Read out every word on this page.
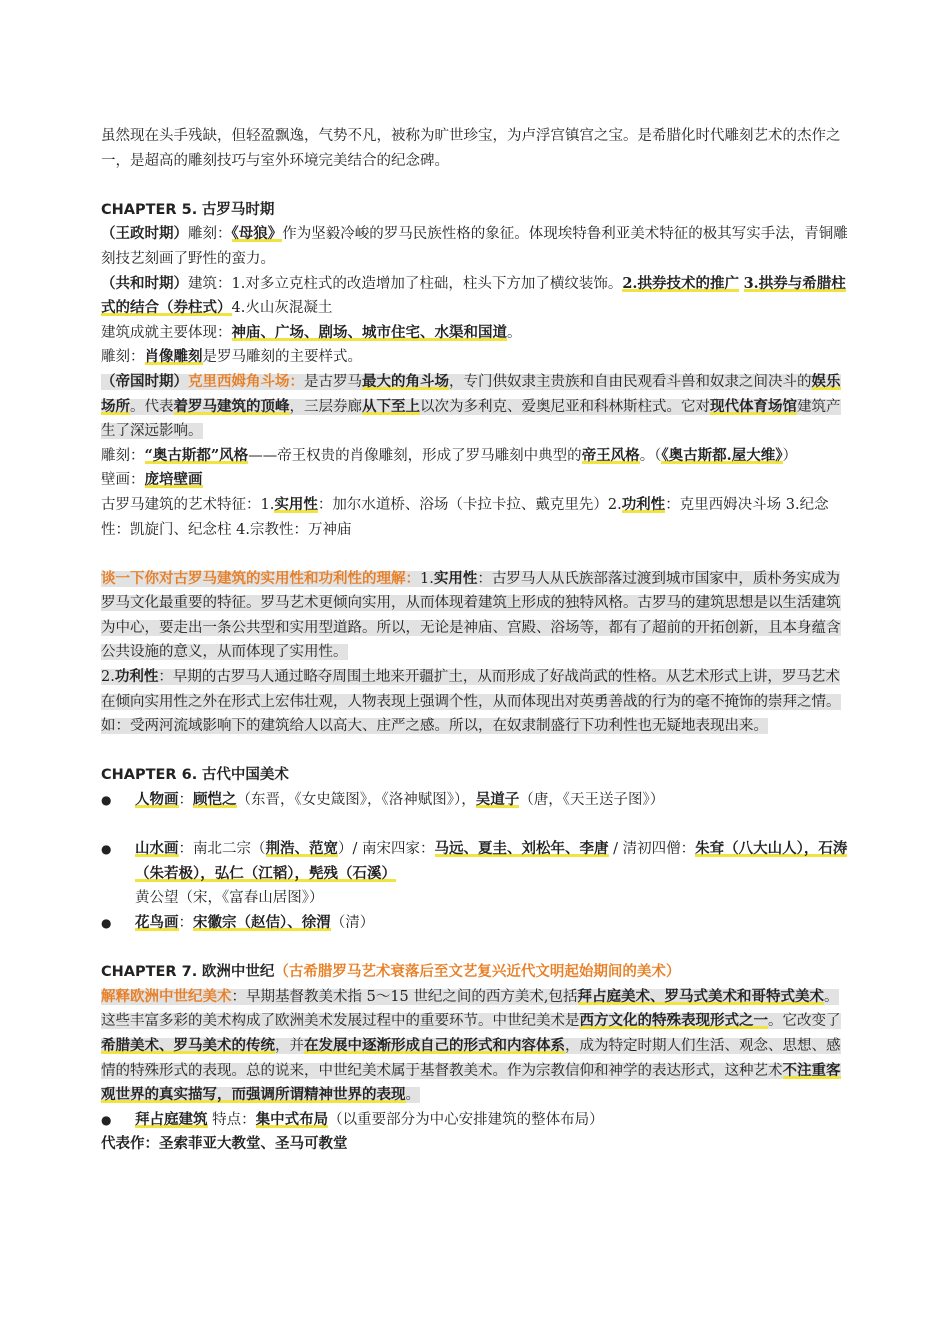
虽然现在头手残缺，但轻盈飘逸，气势不凡，被称为旷世珍宝，为卢浮宫镇宫之宝。是希腊化时代雕刻艺术的杰作之一，是超高的雕刻技巧与室外环境完美结合的纪念碑。

CHAPTER 5. 古罗马时期

（王政时期）雕刻：《母狼》作为坚毅冷峻的罗马民族性格的象征。体现埃特鲁利亚美术特征的极其写实手法，青铜雕刻技艺刻画了野性的蛮力。

（共和时期）建筑：1.对多立克柱式的改造增加了柱础，柱头下方加了横纹装饰。2.拱券技术的推广 3.拱券与希腊柱式的结合（券柱式）4.火山灰混凝土

建筑成就主要体现：神庙、广场、剧场、城市住宅、水渠和国道。

雕刻：肖像雕刻是罗马雕刻的主要样式。

（帝国时期）克里西姆角斗场：是古罗马最大的角斗场，专门供奴隶主贵族和自由民观看斗兽和奴隶之间决斗的娱乐场所。代表着罗马建筑的顶峰，三层券廊从下至上以次为多利克、爱奥尼亚和科林斯柱式。它对现代体育场馆建筑产生了深远影响。

雕刻：“奥古斯都”风格——帝王权贵的肖像雕刻，形成了罗马雕刻中典型的帝王风格。（《奥古斯都.屋大维》）

壁画：庞培壁画

古罗马建筑的艺术特征：1.实用性：加尔水道桥、浴场（卡拉卡拉、戴克里先）2.功利性：克里西姆决斗场 3.纪念性：凯旋门、纪念柱 4.宗教性：万神庙

谈一下你对古罗马建筑的实用性和功利性的理解：1.实用性：古罗马人从氏族部落过渡到城市国家中，质朴务实成为罗马文化最重要的特征。罗马艺术更倾向实用，从而体现着建筑上形成的独特风格。古罗马的建筑思想是以生活建筑为中心，要走出一条公共型和实用型道路。所以，无论是神庙、宫殿、浴场等，都有了超前的开拓创新，且本身蕴含公共设施的意义，从而体现了实用性。

2.功利性：早期的古罗马人通过略夺周围土地来开疆扩土，从而形成了好战尚武的性格。从艺术形式上讲，罗马艺术在倾向实用性之外在形式上宏伟壮观，人物表现上强调个性，从而体现出对英勇善战的行为的毫不掩饰的崇拜之情。如：受两河流域影响下的建筑给人以高大、庄严之感。所以，在奴隶制盛行下功利性也无疑地表现出来。

CHAPTER 6. 古代中国美术

● 人物画：顾恺之（东晋，《女史箴图》，《洛神赋图》），吴道子（唐，《天王送子图》）

● 山水画：南北二宗（荆浩、范宽）/ 南宋四家：马远、夏圭、刘松年、李唐 / 清初四僧：朱耷（八大山人），石涛（朱若极），弘仁（江韬），髡残（石溪）

黄公望（宋，《富春山居图》）

● 花鸟画：宋徽宗（赵佶）、徐渭（清）

CHAPTER 7. 欧洲中世纪（古希腊罗马艺术衰落后至文艺复兴近代文明起始期间的美术）

解释欧洲中世纪美术：早期基督教美术指 5～15 世纪之间的西方美术,包括拜占庭美术、罗马式美术和哥特式美术。这些丰富多彩的美术构成了欧洲美术发展过程中的重要环节。中世纪美术是西方文化的特殊表现形式之一。它改变了希腊美术、罗马美术的传统，并在发展中逐渐形成自己的形式和内容体系，成为特定时期人们生活、观念、思想、感情的特殊形式的表现。总的说来，中世纪美术属于基督教美术。作为宗教信仰和神学的表达形式，这种艺术不注重客观世界的真实描写，而强调所谓精神世界的表现。

● 拜占庭建筑 特点：集中式布局（以重要部分为中心安排建筑的整体布局）

代表作：圣索菲亚大教堂、圣马可教堂
